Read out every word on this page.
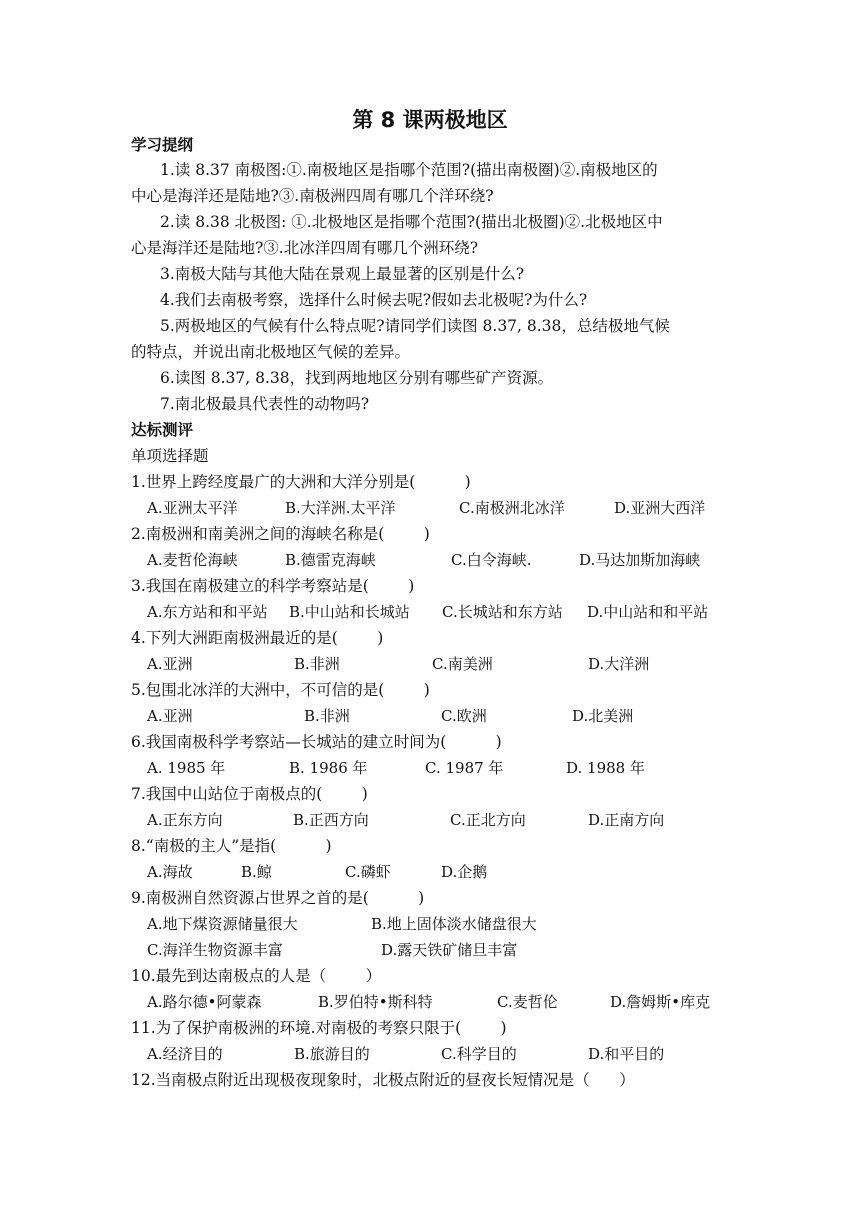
第 8 课两极地区
学习提纲
1.读 8.37 南极图:①.南极地区是指哪个范围?(描出南极圈)②.南极地区的
中心是海洋还是陆地?③.南极洲四周有哪几个洋环绕?
2.读 8.38 北极图: ①.北极地区是指哪个范围?(描出北极圈)②.北极地区中
心是海洋还是陆地?③.北冰洋四周有哪几个洲环绕?
3.南极大陆与其他大陆在景观上最显著的区别是什么?
4.我们去南极考察，选择什么时候去呢?假如去北极呢?为什么?
5.两极地区的气候有什么特点呢?请同学们读图 8.37, 8.38，总结极地气候
的特点，并说出南北极地区气候的差异。
6.读图 8.37, 8.38，找到两地地区分别有哪些矿产资源。
7.南北极最具代表性的动物吗?
达标测评
单项选择题
1.世界上跨经度最广的大洲和大洋分别是(          )
A.亚洲太平洋	B.大洋洲.太平洋	C.南极洲北冰洋	D.亚洲大西洋
2.南极洲和南美洲之间的海峡名称是(        )
A.麦哲伦海峡	B.德雷克海峡	C.白令海峡.	D.马达加斯加海峡
3.我国在南极建立的科学考察站是(        )
A.东方站和和平站 B.中山站和长城站 C.长城站和东方站 D.中山站和和平站
4.下列大洲距南极洲最近的是(        )
A.亚洲	B.非洲	C.南美洲	D.大洋洲
5.包围北冰洋的大洲中，不可信的是(        )
A.亚洲	B.非洲	C.欧洲	D.北美洲
6.我国南极科学考察站—长城站的建立时间为(          )
A. 1985 年	B. 1986 年	C. 1987 年	D. 1988 年
7.我国中山站位于南极点的(        )
A.正东方向	B.正西方向	C.正北方向	D.正南方向
8.“南极的主人”是指(          )
A.海故	B.鲸	C.磷虾	D.企鹅
9.南极洲自然资源占世界之首的是(          )
A.地下煤资源储量很大	B.地上固体淡水储盘很大
C.海洋生物资源丰富	D.露天铁矿储旦丰富
10.最先到达南极点的人是（        ）
A.路尔德•阿蒙森	B.罗伯特•斯科特	C.麦哲伦	D.詹姆斯•库克
11.为了保护南极洲的环境.对南极的考察只限于(        )
A.经济目的	B.旅游目的	C.科学目的	D.和平目的
12.当南极点附近出现极夜现象时，北极点附近的昼夜长短情况是（      ）
